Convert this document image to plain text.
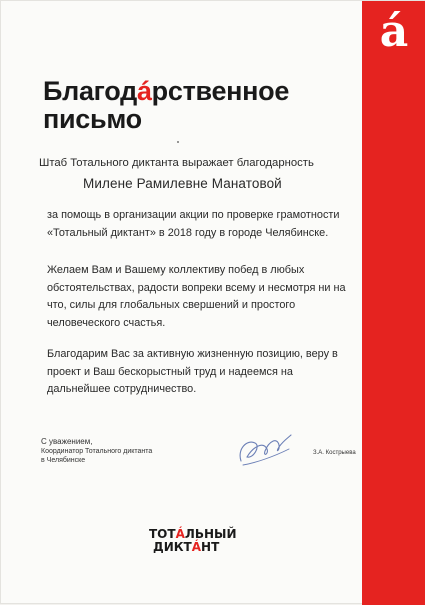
а́
Благодáрственное
письмо
Штаб Тотального диктанта выражает благодарность
Милене Рамилевне Манатовой

за помощь в организации акции по проверке грамотности «Тотальный диктант» в 2018 году в городе Челябинске.

Желаем Вам и Вашему коллективу побед в любых обстоятельствах, радости вопреки всему и несмотря ни на что, силы для глобальных свершений и простого человеческого счастья.

Благодарим Вас за активную жизненную позицию, веру в проект и Ваш бескорыстный труд и надеемся на дальнейшее сотрудничество.

С уважением,
Координатор Тотального диктанта
в Челябинске
З.А. Кострыева
ТОТÁЛЬНЫЙ
ДИКТÁНТ
